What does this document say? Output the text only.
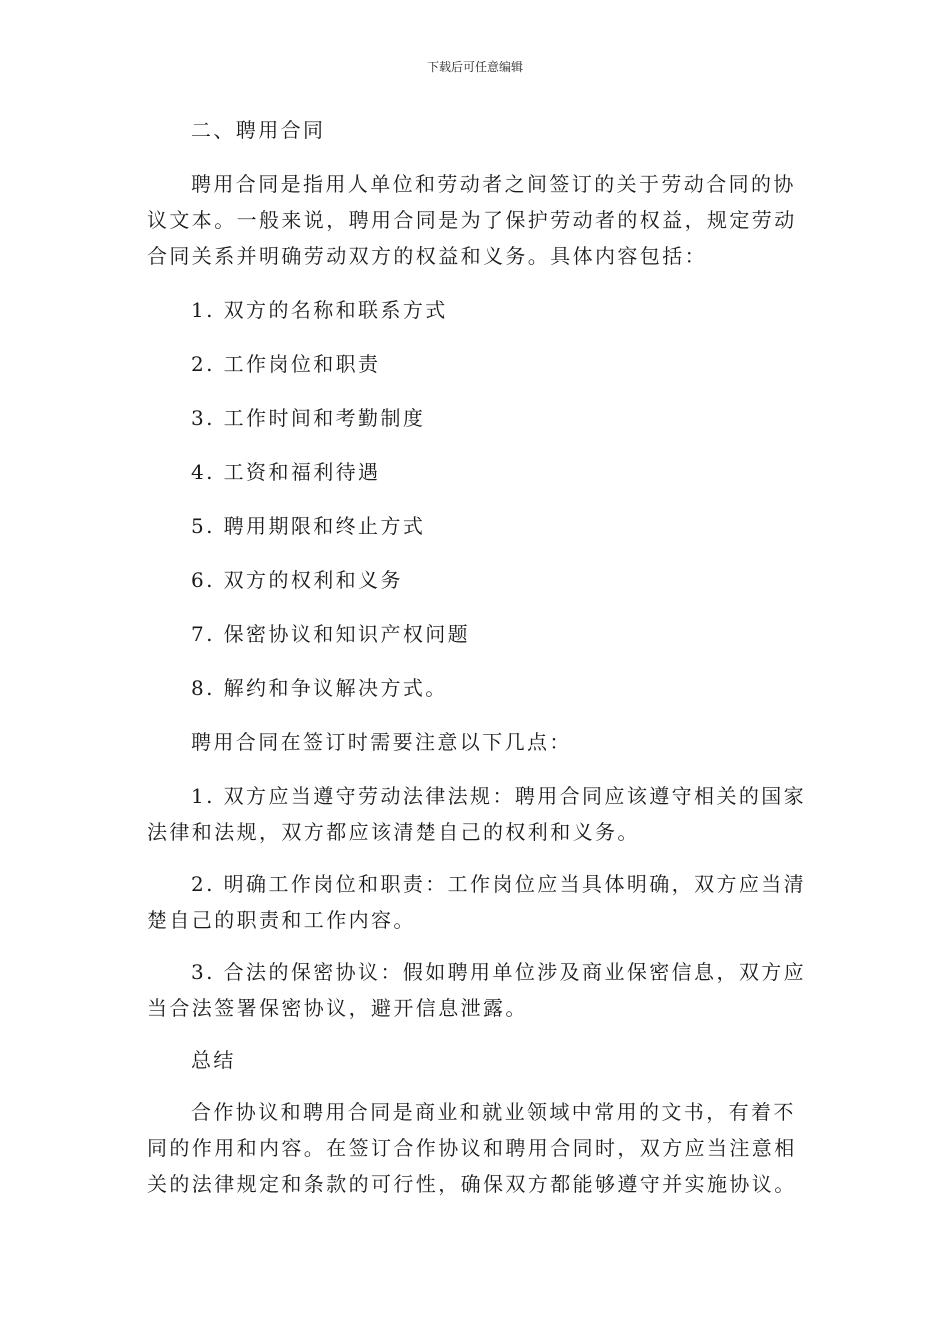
下载后可任意编辑

二、聘用合同

聘用合同是指用人单位和劳动者之间签订的关于劳动合同的协议文本。一般来说，聘用合同是为了保护劳动者的权益，规定劳动合同关系并明确劳动双方的权益和义务。具体内容包括：

1. 双方的名称和联系方式

2. 工作岗位和职责

3. 工作时间和考勤制度

4. 工资和福利待遇

5. 聘用期限和终止方式

6. 双方的权利和义务

7. 保密协议和知识产权问题

8. 解约和争议解决方式。

聘用合同在签订时需要注意以下几点：

1. 双方应当遵守劳动法律法规：聘用合同应该遵守相关的国家法律和法规，双方都应该清楚自己的权利和义务。

2. 明确工作岗位和职责：工作岗位应当具体明确，双方应当清楚自己的职责和工作内容。

3. 合法的保密协议：假如聘用单位涉及商业保密信息，双方应当合法签署保密协议，避开信息泄露。

总结

合作协议和聘用合同是商业和就业领域中常用的文书，有着不同的作用和内容。在签订合作协议和聘用合同时，双方应当注意相关的法律规定和条款的可行性，确保双方都能够遵守并实施协议。
